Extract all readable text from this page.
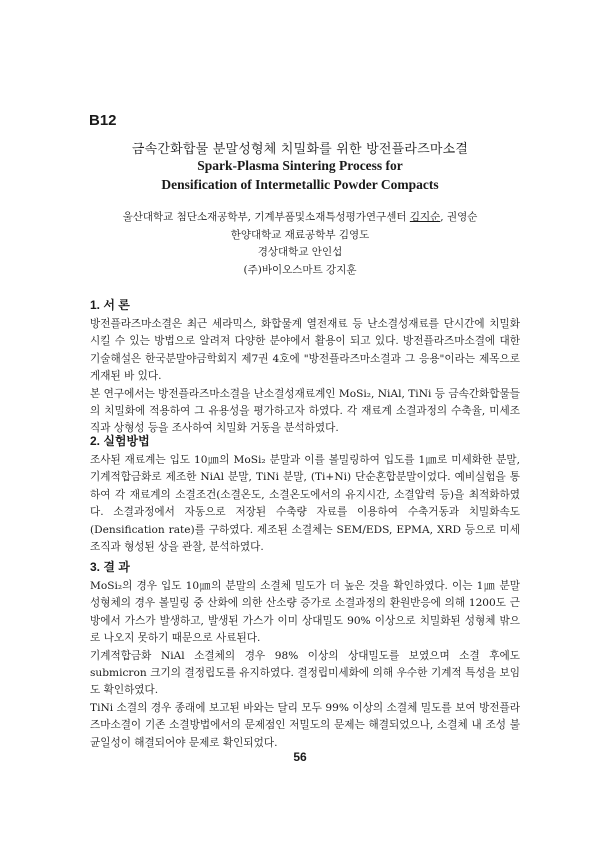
B12
금속간화합물 분말성형체 치밀화를 위한 방전플라즈마소결
Spark-Plasma Sintering Process for
Densification of Intermetallic Powder Compacts
울산대학교 첨단소재공학부, 기계부품및소재특성평가연구센터 김지순, 권영순
한양대학교 재료공학부 김영도
경상대학교 안인섭
(주)바이오스마트 강지훈
1. 서 론

방전플라즈마소결은 최근 세라믹스, 화합물계 열전재료 등 난소결성재료를 단시간에 치밀화 시킬 수 있는 방법으로 알려져 다양한 분야에서 활용이 되고 있다. 방전플라즈마소결에 대한 기술해설은 한국분말야금학회지 제7권 4호에 "방전플라즈마소결과 그 응용"이라는 제목으로 게재된 바 있다.

본 연구에서는 방전플라즈마소결을 난소결성재료계인 MoSi₂, NiAl, TiNi 등 금속간화합물들의 치밀화에 적용하여 그 유용성을 평가하고자 하였다. 각 재료계 소결과정의 수축율, 미세조직과 상형성 등을 조사하여 치밀화 거동을 분석하였다.

2. 실험방법

조사된 재료계는 입도 10㎛의 MoSi₂ 분말과 이를 볼밀링하여 입도를 1㎛로 미세화한 분말, 기계적합금화로 제조한 NiAl 분말, TiNi 분말, (Ti+Ni) 단순혼합분말이었다. 예비실험을 통하여 각 재료계의 소결조건(소결온도, 소결온도에서의 유지시간, 소결압력 등)을 최적화하였다. 소결과정에서 자동으로 저장된 수축량 자료를 이용하여 수축거동과 치밀화속도(Densification rate)를 구하였다. 제조된 소결체는 SEM/EDS, EPMA, XRD 등으로 미세조직과 형성된 상을 관찰, 분석하였다.

3. 결 과

MoSi₂의 경우 입도 10㎛의 분말의 소결체 밀도가 더 높은 것을 확인하였다. 이는 1㎛ 분말 성형체의 경우 볼밀링 중 산화에 의한 산소량 증가로 소결과정의 환원반응에 의해 1200도 근방에서 가스가 발생하고, 발생된 가스가 이미 상대밀도 90% 이상으로 치밀화된 성형체 밖으로 나오지 못하기 때문으로 사료된다.

기계적합금화 NiAl 소결체의 경우 98% 이상의 상대밀도를 보였으며 소결 후에도 submicron 크기의 결정립도를 유지하였다. 결정립미세화에 의해 우수한 기계적 특성을 보임도 확인하였다.

TiNi 소결의 경우 종래에 보고된 바와는 달리 모두 99% 이상의 소결체 밀도를 보여 방전플라즈마소결이 기존 소결방법에서의 문제점인 저밀도의 문제는 해결되었으나, 소결체 내 조성 불균일성이 해결되어야 문제로 확인되었다.

56
